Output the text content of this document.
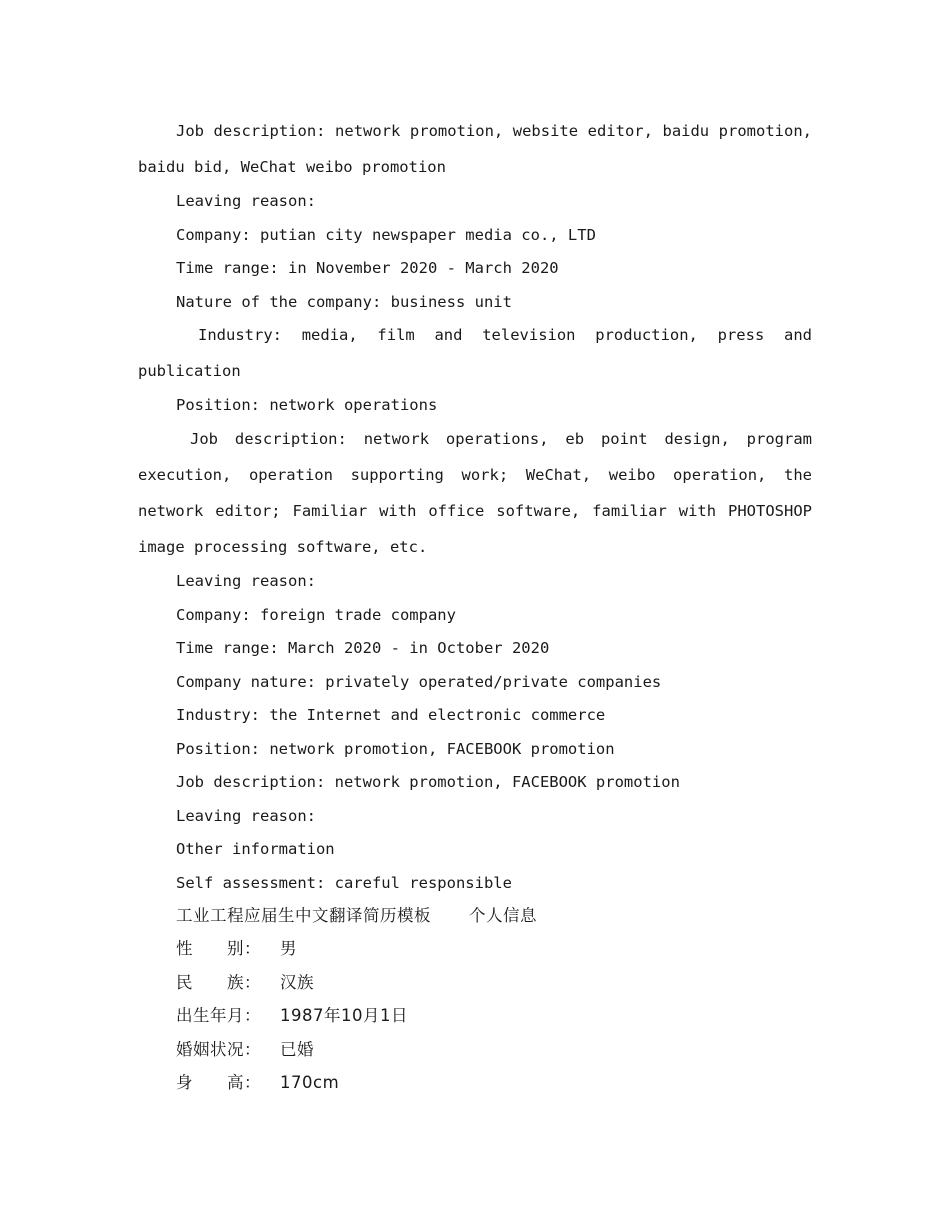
Job description: network promotion, website editor, baidu promotion, baidu bid, WeChat weibo promotion

Leaving reason:

Company: putian city newspaper media co., LTD

Time range: in November 2020 - March 2020

Nature of the company: business unit

Industry: media, film and television production, press and publication

Position: network operations

Job description: network operations, eb point design, program execution, operation supporting work; WeChat, weibo operation, the network editor; Familiar with office software, familiar with PHOTOSHOP image processing software, etc.

Leaving reason:

Company: foreign trade company

Time range: March 2020 - in October 2020

Company nature: privately operated/private companies

Industry: the Internet and electronic commerce

Position: network promotion, FACEBOOK promotion

Job description: network promotion, FACEBOOK promotion

Leaving reason:

Other information

Self assessment: careful responsible

工业工程应届生中文翻译简历模板 个人信息

性　　别： 男

民　　族： 汉族

出生年月： 1987年10月1日

婚姻状况： 已婚

身　　高： 170cm
